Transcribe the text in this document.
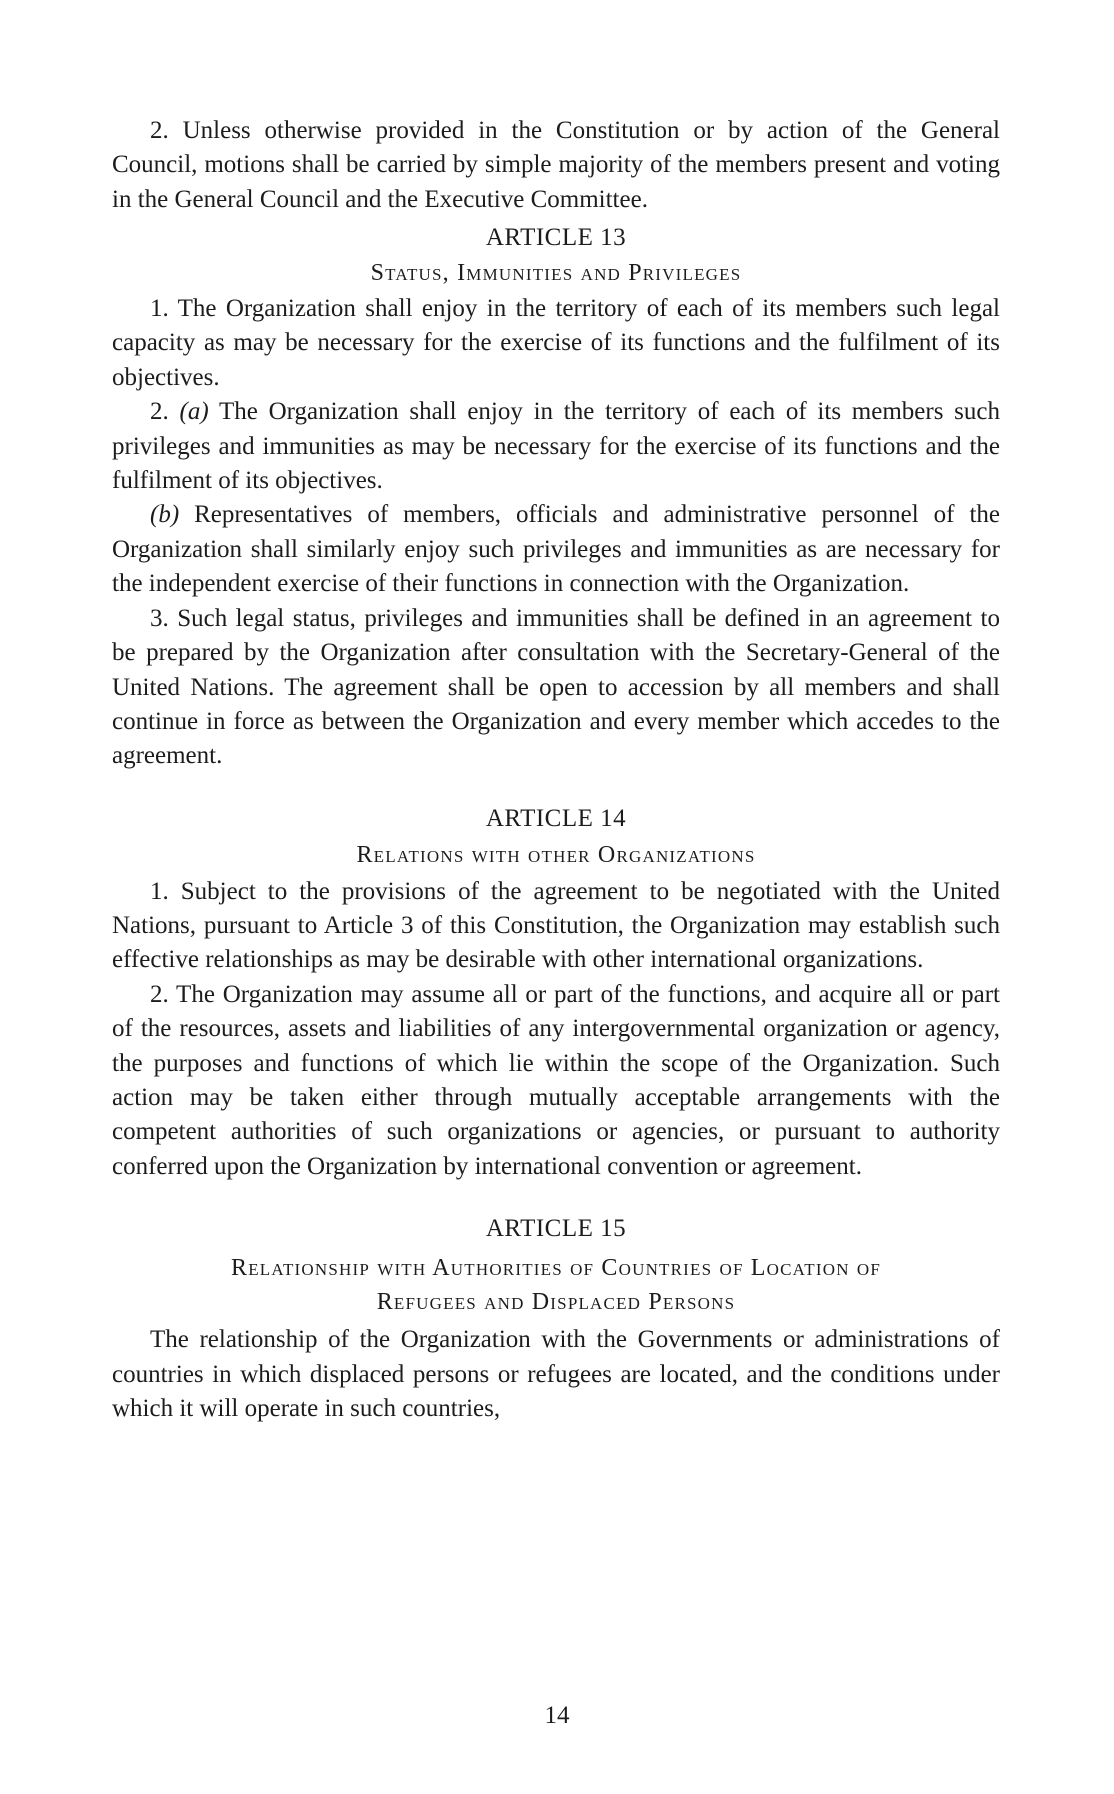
2. Unless otherwise provided in the Constitution or by action of the General Council, motions shall be carried by simple majority of the members present and voting in the General Council and the Executive Committee.

ARTICLE 13

Status, Immunities and Privileges

1. The Organization shall enjoy in the territory of each of its members such legal capacity as may be necessary for the exercise of its functions and the fulfilment of its objectives.

2. (a) The Organization shall enjoy in the territory of each of its members such privileges and immunities as may be necessary for the exercise of its functions and the fulfilment of its objectives.

(b) Representatives of members, officials and administrative personnel of the Organization shall similarly enjoy such privileges and immunities as are necessary for the independent exercise of their functions in connection with the Organization.

3. Such legal status, privileges and immunities shall be defined in an agreement to be prepared by the Organization after consultation with the Secretary-General of the United Nations. The agreement shall be open to accession by all members and shall continue in force as between the Organization and every member which accedes to the agreement.

ARTICLE 14

Relations with other Organizations

1. Subject to the provisions of the agreement to be negotiated with the United Nations, pursuant to Article 3 of this Constitution, the Organization may establish such effective relationships as may be desirable with other international organizations.

2. The Organization may assume all or part of the functions, and acquire all or part of the resources, assets and liabilities of any intergovernmental organization or agency, the purposes and functions of which lie within the scope of the Organization. Such action may be taken either through mutually acceptable arrangements with the competent authorities of such organizations or agencies, or pursuant to authority conferred upon the Organization by international convention or agreement.

ARTICLE 15

Relationship with Authorities of Countries of Location of
Refugees and Displaced Persons

The relationship of the Organization with the Governments or administrations of countries in which displaced persons or refugees are located, and the conditions under which it will operate in such countries,

14
